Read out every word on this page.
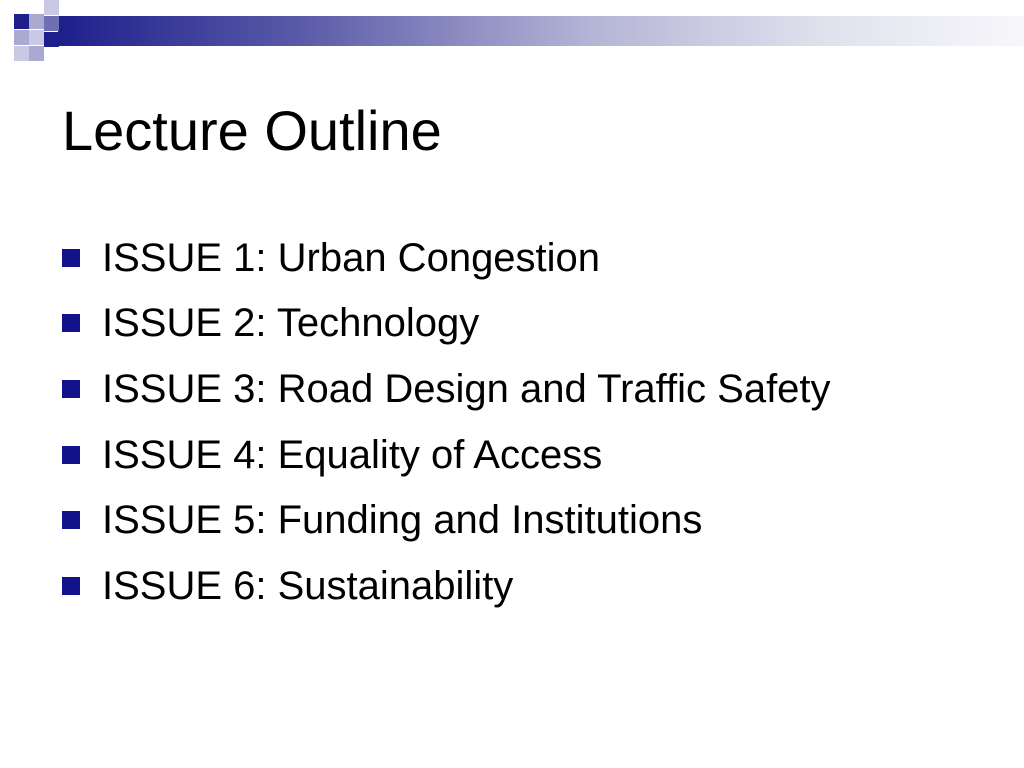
Lecture Outline
ISSUE 1: Urban Congestion
ISSUE 2: Technology
ISSUE 3: Road Design and Traffic Safety
ISSUE 4: Equality of Access
ISSUE 5: Funding and Institutions
ISSUE 6: Sustainability
